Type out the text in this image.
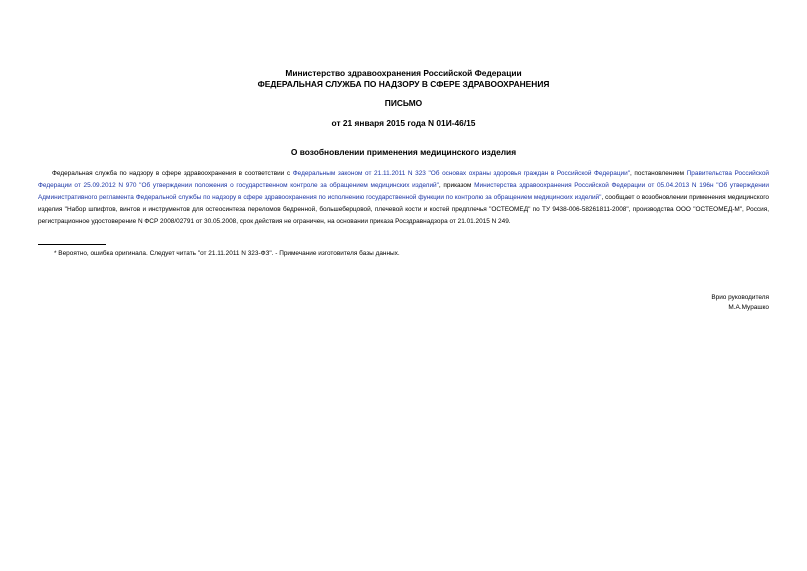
Министерство здравоохранения Российской Федерации
ФЕДЕРАЛЬНАЯ СЛУЖБА ПО НАДЗОРУ В СФЕРЕ ЗДРАВООХРАНЕНИЯ
ПИСЬМО
от 21 января 2015 года N 01И-46/15
О возобновлении применения медицинского изделия

Федеральная служба по надзору в сфере здравоохранения в соответствии с Федеральным законом от 21.11.2011 N 323 "Об основах охраны здоровья граждан в Российской Федерации", постановлением Правительства Российской Федерации от 25.09.2012 N 970 "Об утверждении положения о государственном контроле за обращением медицинских изделий", приказом Министерства здравоохранения Российской Федерации от 05.04.2013 N 196н "Об утверждении Административного регламента Федеральной службы по надзору в сфере здравоохранения по исполнению государственной функции по контролю за обращением медицинских изделий", сообщает о возобновлении применения медицинского изделия "Набор шпифтов, винтов и инструментов для остеосинтеза переломов бедренной, большеберцовой, плечевой кости и костей предплечья "ОСТЕОМЕД" по ТУ 9438-006-58261811-2008", производства ООО "ОСТЕОМЕД-М", Россия, регистрационное удостоверение N ФСР 2008/02791 от 30.05.2008, срок действия не ограничен, на основании приказа Росздравнадзора от 21.01.2015 N 249.

* Вероятно, ошибка оригинала. Следует читать "от 21.11.2011 N 323-ФЗ". - Примечание изготовителя базы данных.

Врио руководителя

М.А.Мурашко
